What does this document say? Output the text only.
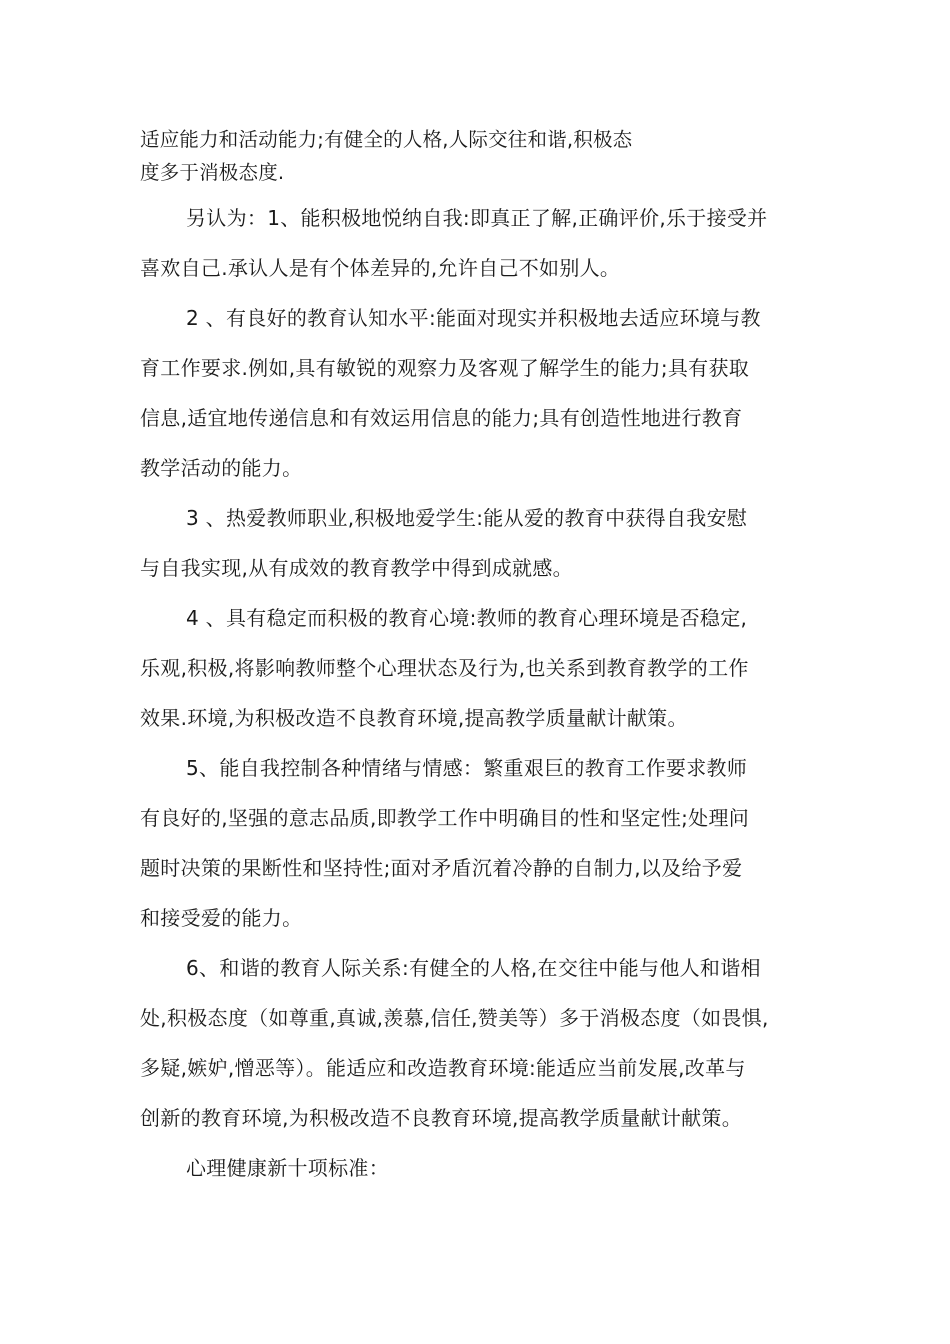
适应能力和活动能力;有健全的人格,人际交往和谐,积极态
度多于消极态度.
另认为：1、能积极地悦纳自我:即真正了解,正确评价,乐于接受并
喜欢自己.承认人是有个体差异的,允许自己不如别人。
2 、有良好的教育认知水平:能面对现实并积极地去适应环境与教
育工作要求.例如,具有敏锐的观察力及客观了解学生的能力;具有获取
信息,适宜地传递信息和有效运用信息的能力;具有创造性地进行教育
教学活动的能力。
3 、热爱教师职业,积极地爱学生:能从爱的教育中获得自我安慰
与自我实现,从有成效的教育教学中得到成就感。
4 、具有稳定而积极的教育心境:教师的教育心理环境是否稳定,
乐观,积极,将影响教师整个心理状态及行为,也关系到教育教学的工作
效果.环境,为积极改造不良教育环境,提高教学质量献计献策。
5、能自我控制各种情绪与情感：繁重艰巨的教育工作要求教师
有良好的,坚强的意志品质,即教学工作中明确目的性和坚定性;处理问
题时决策的果断性和坚持性;面对矛盾沉着冷静的自制力,以及给予爱
和接受爱的能力。
6、和谐的教育人际关系:有健全的人格,在交往中能与他人和谐相
处,积极态度（如尊重,真诚,羡慕,信任,赞美等）多于消极态度（如畏惧,
多疑,嫉妒,憎恶等）。能适应和改造教育环境:能适应当前发展,改革与
创新的教育环境,为积极改造不良教育环境,提高教学质量献计献策。
心理健康新十项标准：
